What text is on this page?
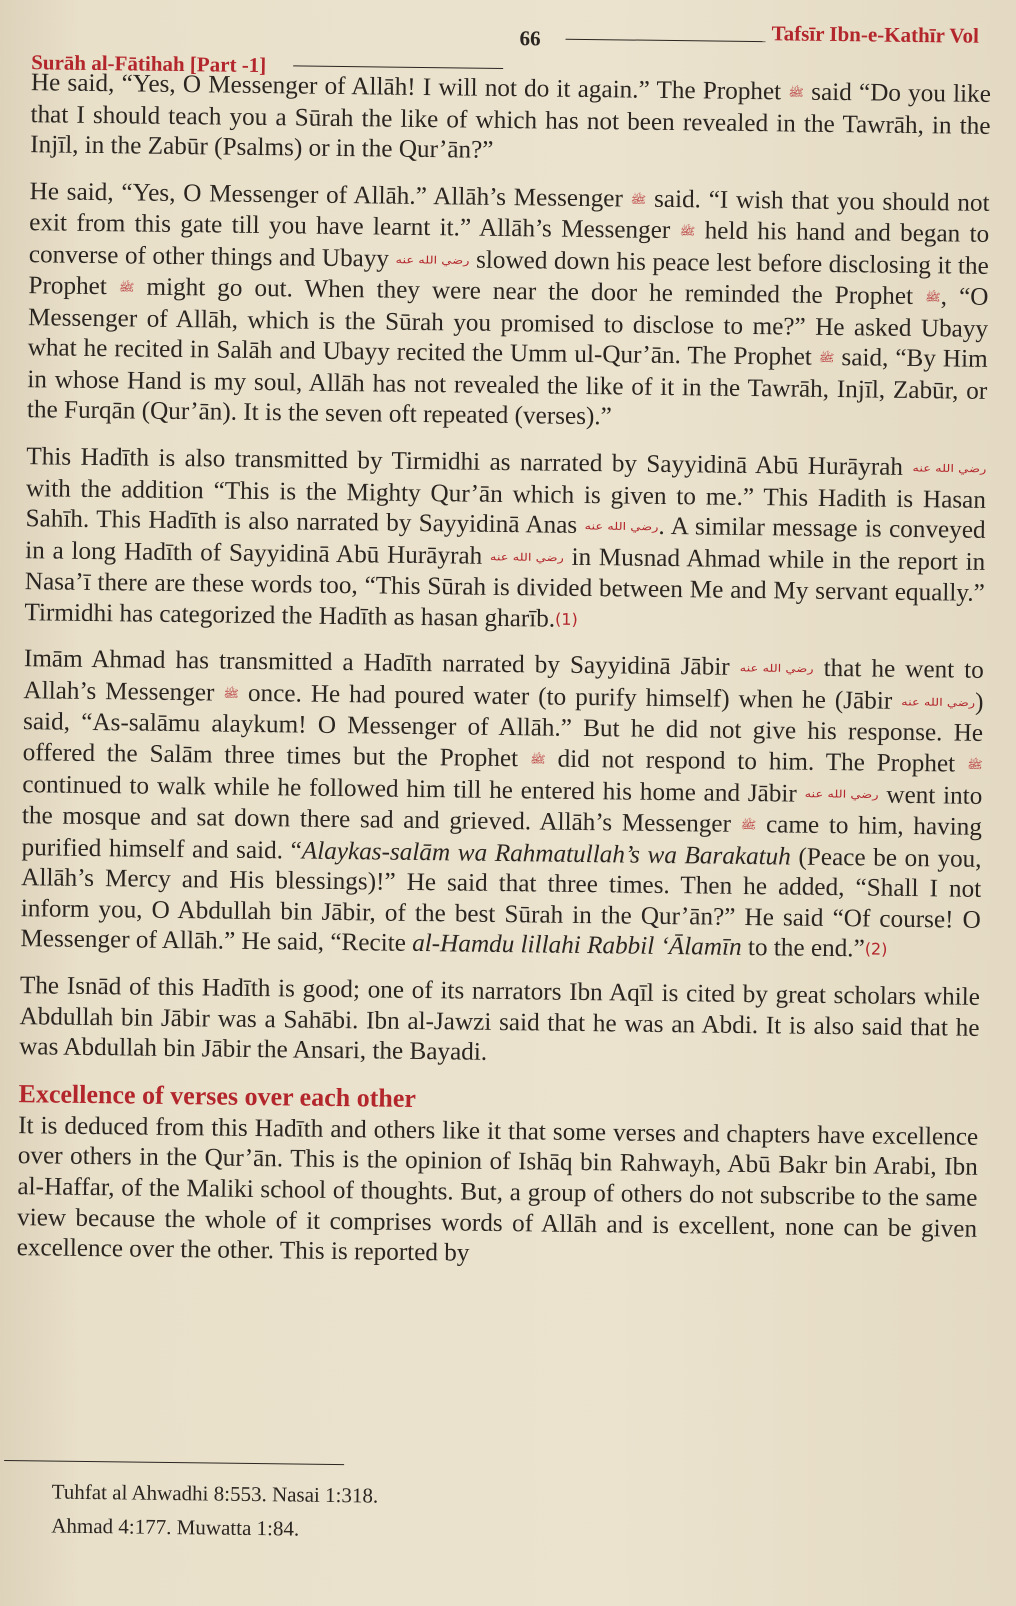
Surāh al-Fātihah [Part -1]
66	Tafsīr Ibn-e-Kathīr Vol

He said, “Yes, O Messenger of Allāh! I will not do it again.” The Prophet ﷺ said “Do you like that I should teach you a Sūrah the like of which has not been revealed in the Tawrāh, in the Injīl, in the Zabūr (Psalms) or in the Qur’ān?”

He said, “Yes, O Messenger of Allāh.” Allāh’s Messenger ﷺ said. “I wish that you should not exit from this gate till you have learnt it.” Allāh’s Messenger ﷺ held his hand and began to converse of other things and Ubayy رضي الله عنه slowed down his peace lest before disclosing it the Prophet ﷺ might go out. When they were near the door he reminded the Prophet ﷺ, “O Messenger of Allāh, which is the Sūrah you promised to disclose to me?” He asked Ubayy what he recited in Salāh and Ubayy recited the Umm ul-Qur’ān. The Prophet ﷺ said, “By Him in whose Hand is my soul, Allāh has not revealed the like of it in the Tawrāh, Injīl, Zabūr, or the Furqān (Qur’ān). It is the seven oft repeated (verses).”

This Hadīth is also transmitted by Tirmidhi as narrated by Sayyidinā Abū Hurāyrah رضي الله عنه with the addition “This is the Mighty Qur’ān which is given to me.” This Hadith is Hasan Sahīh. This Hadīth is also narrated by Sayyidinā Anas رضي الله عنه. A similar message is conveyed in a long Hadīth of Sayyidinā Abū Hurāyrah رضي الله عنه in Musnad Ahmad while in the report in Nasa’ī there are these words too, “This Sūrah is divided between Me and My servant equally.” Tirmidhi has categorized the Hadīth as hasan gharīb.(1)

Imām Ahmad has transmitted a Hadīth narrated by Sayyidinā Jābir رضي الله عنه that he went to Allah’s Messenger ﷺ once. He had poured water (to purify himself) when he (Jābir رضي الله عنه) said, “As-salāmu alaykum! O Messenger of Allāh.” But he did not give his response. He offered the Salām three times but the Prophet ﷺ did not respond to him. The Prophet ﷺ continued to walk while he followed him till he entered his home and Jābir رضي الله عنه went into the mosque and sat down there sad and grieved. Allāh’s Messenger ﷺ came to him, having purified himself and said. “Alaykas-salām wa Rahmatullah’s wa Barakatuh (Peace be on you, Allāh’s Mercy and His blessings)!” He said that three times. Then he added, “Shall I not inform you, O Abdullah bin Jābir, of the best Sūrah in the Qur’ān?” He said “Of course! O Messenger of Allāh.” He said, “Recite al-Hamdu lillahi Rabbil ‘Ālamīn to the end.”(2)

The Isnād of this Hadīth is good; one of its narrators Ibn Aqīl is cited by great scholars while Abdullah bin Jābir was a Sahābi. Ibn al-Jawzi said that he was an Abdi. It is also said that he was Abdullah bin Jābir the Ansari, the Bayadi.

Excellence of verses over each other

It is deduced from this Hadīth and others like it that some verses and chapters have excellence over others in the Qur’ān. This is the opinion of Ishāq bin Rahwayh, Abū Bakr bin Arabi, Ibn al-Haffar, of the Maliki school of thoughts. But, a group of others do not subscribe to the same view because the whole of it comprises words of Allāh and is excellent, none can be given excellence over the other. This is reported by

Tuhfat al Ahwadhi 8:553. Nasai 1:318.
Ahmad 4:177. Muwatta 1:84.
